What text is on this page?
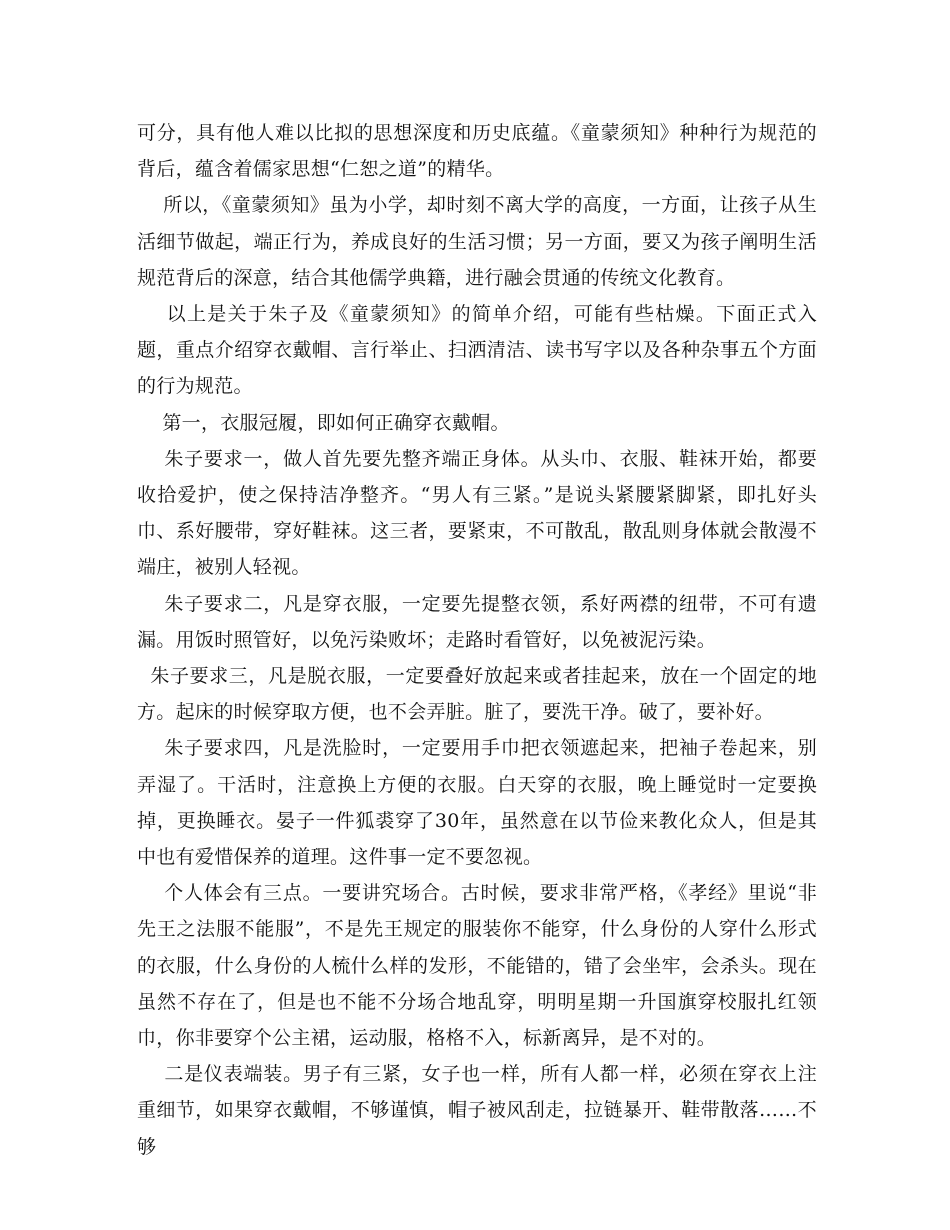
可分，具有他人难以比拟的思想深度和历史底蕴。《童蒙须知》种种行为规范的背后，蕴含着儒家思想“仁恕之道”的精华。

所以，《童蒙须知》虽为小学，却时刻不离大学的高度，一方面，让孩子从生活细节做起，端正行为，养成良好的生活习惯；另一方面，要又为孩子阐明生活规范背后的深意，结合其他儒学典籍，进行融会贯通的传统文化教育。

以上是关于朱子及《童蒙须知》的简单介绍，可能有些枯燥。下面正式入题，重点介绍穿衣戴帽、言行举止、扫洒清洁、读书写字以及各种杂事五个方面的行为规范。

第一，衣服冠履，即如何正确穿衣戴帽。

朱子要求一，做人首先要先整齐端正身体。从头巾、衣服、鞋袜开始，都要收拾爱护，使之保持洁净整齐。“男人有三紧。”是说头紧腰紧脚紧，即扎好头巾、系好腰带，穿好鞋袜。这三者，要紧束，不可散乱，散乱则身体就会散漫不端庄，被别人轻视。

朱子要求二，凡是穿衣服，一定要先提整衣领，系好两襟的纽带，不可有遗漏。用饭时照管好，以免污染败坏；走路时看管好，以免被泥污染。

朱子要求三，凡是脱衣服，一定要叠好放起来或者挂起来，放在一个固定的地方。起床的时候穿取方便，也不会弄脏。脏了，要洗干净。破了，要补好。

朱子要求四，凡是洗脸时，一定要用手巾把衣领遮起来，把袖子卷起来，别弄湿了。干活时，注意换上方便的衣服。白天穿的衣服，晚上睡觉时一定要换掉，更换睡衣。晏子一件狐裘穿了30年，虽然意在以节俭来教化众人，但是其中也有爱惜保养的道理。这件事一定不要忽视。

个人体会有三点。一要讲究场合。古时候，要求非常严格，《孝经》里说“非先王之法服不能服”，不是先王规定的服装你不能穿，什么身份的人穿什么形式的衣服，什么身份的人梳什么样的发形，不能错的，错了会坐牢，会杀头。现在虽然不存在了，但是也不能不分场合地乱穿，明明星期一升国旗穿校服扎红领巾，你非要穿个公主裙，运动服，格格不入，标新离异，是不对的。

二是仪表端装。男子有三紧，女子也一样，所有人都一样，必须在穿衣上注重细节，如果穿衣戴帽，不够谨慎，帽子被风刮走，拉链暴开、鞋带散落……不够
